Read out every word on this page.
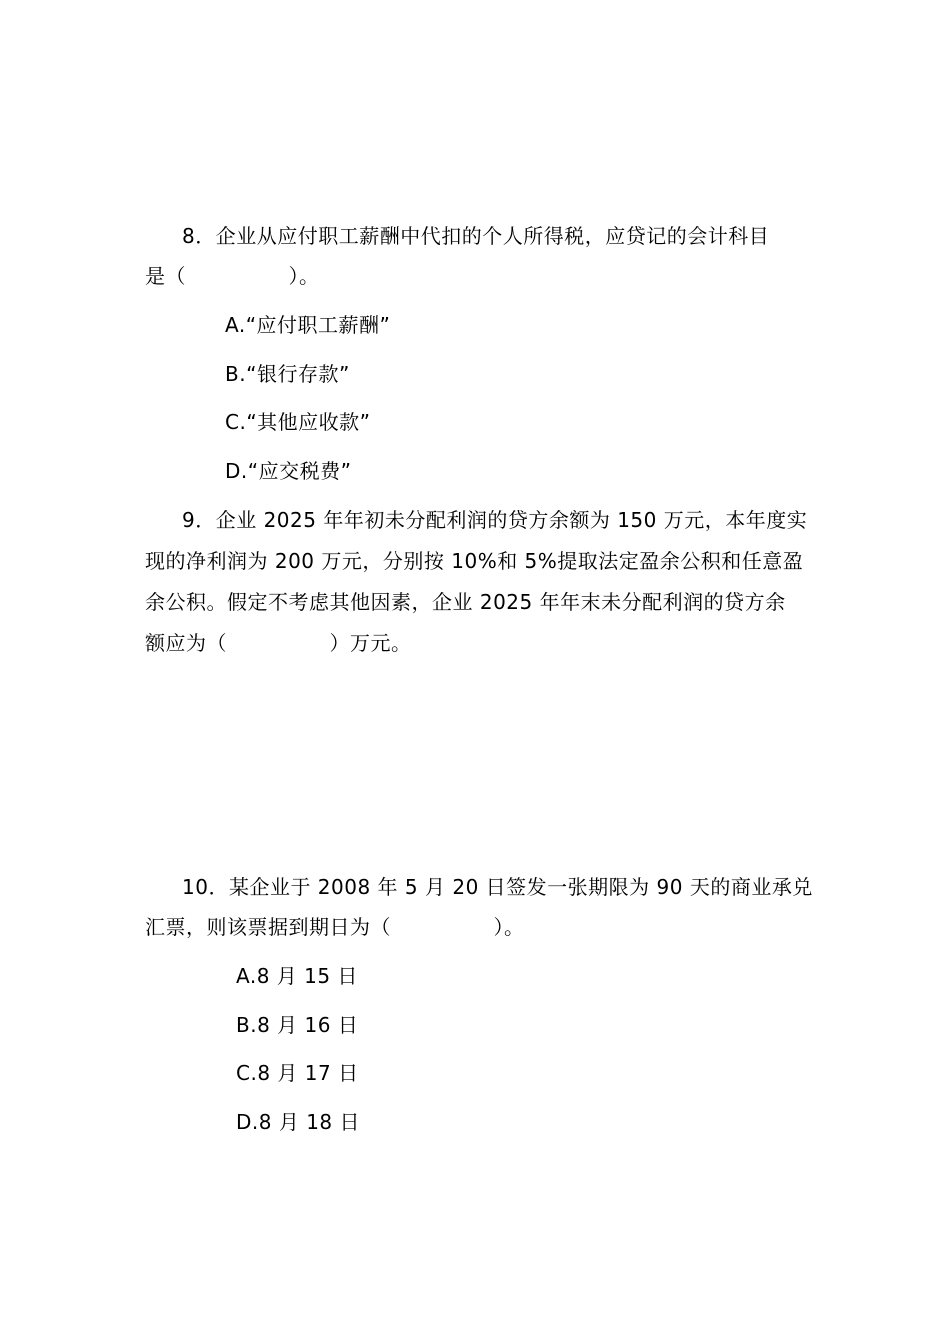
8．企业从应付职工薪酬中代扣的个人所得税，应贷记的会计科目
是（　　　　　）。
A.“应付职工薪酬”
B.“银行存款”
C.“其他应收款”
D.“应交税费”
9．企业 2025 年年初未分配利润的贷方余额为 150 万元，本年度实
现的净利润为 200 万元，分别按 10%和 5%提取法定盈余公积和任意盈
余公积。假定不考虑其他因素，企业 2025 年年末未分配利润的贷方余
额应为（　　　　　）万元。
10．某企业于 2008 年 5 月 20 日签发一张期限为 90 天的商业承兑
汇票，则该票据到期日为（　　　　　）。
A.8 月 15 日
B.8 月 16 日
C.8 月 17 日
D.8 月 18 日
